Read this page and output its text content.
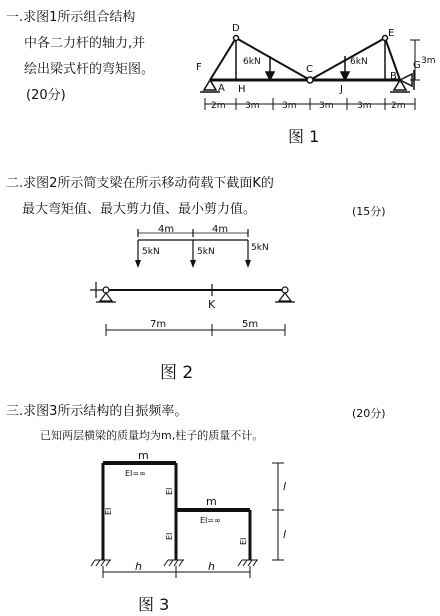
一.求图1所示组合结构
中各二力杆的轴力,并
绘出梁式杆的弯矩图。
(20分)
D	E
F
A H
C
J
B
G
6kN	6kN
2m 3m	3m	3m	3m 2m
3m
图 1
4m	4m
5kN	5kN	5kN
K
7m	5m
图 2
m
m
EI=∞
EI=∞
EI
EI
EI
EI
l
l
h	h
图 3
二.求图2所示简支梁在所示移动荷载下截面K的
最大弯矩值、最大剪力值、最小剪力值。	(15分)
三.求图3所示结构的自振频率。	(20分)
已知两层横梁的质量均为m,柱子的质量不计。
